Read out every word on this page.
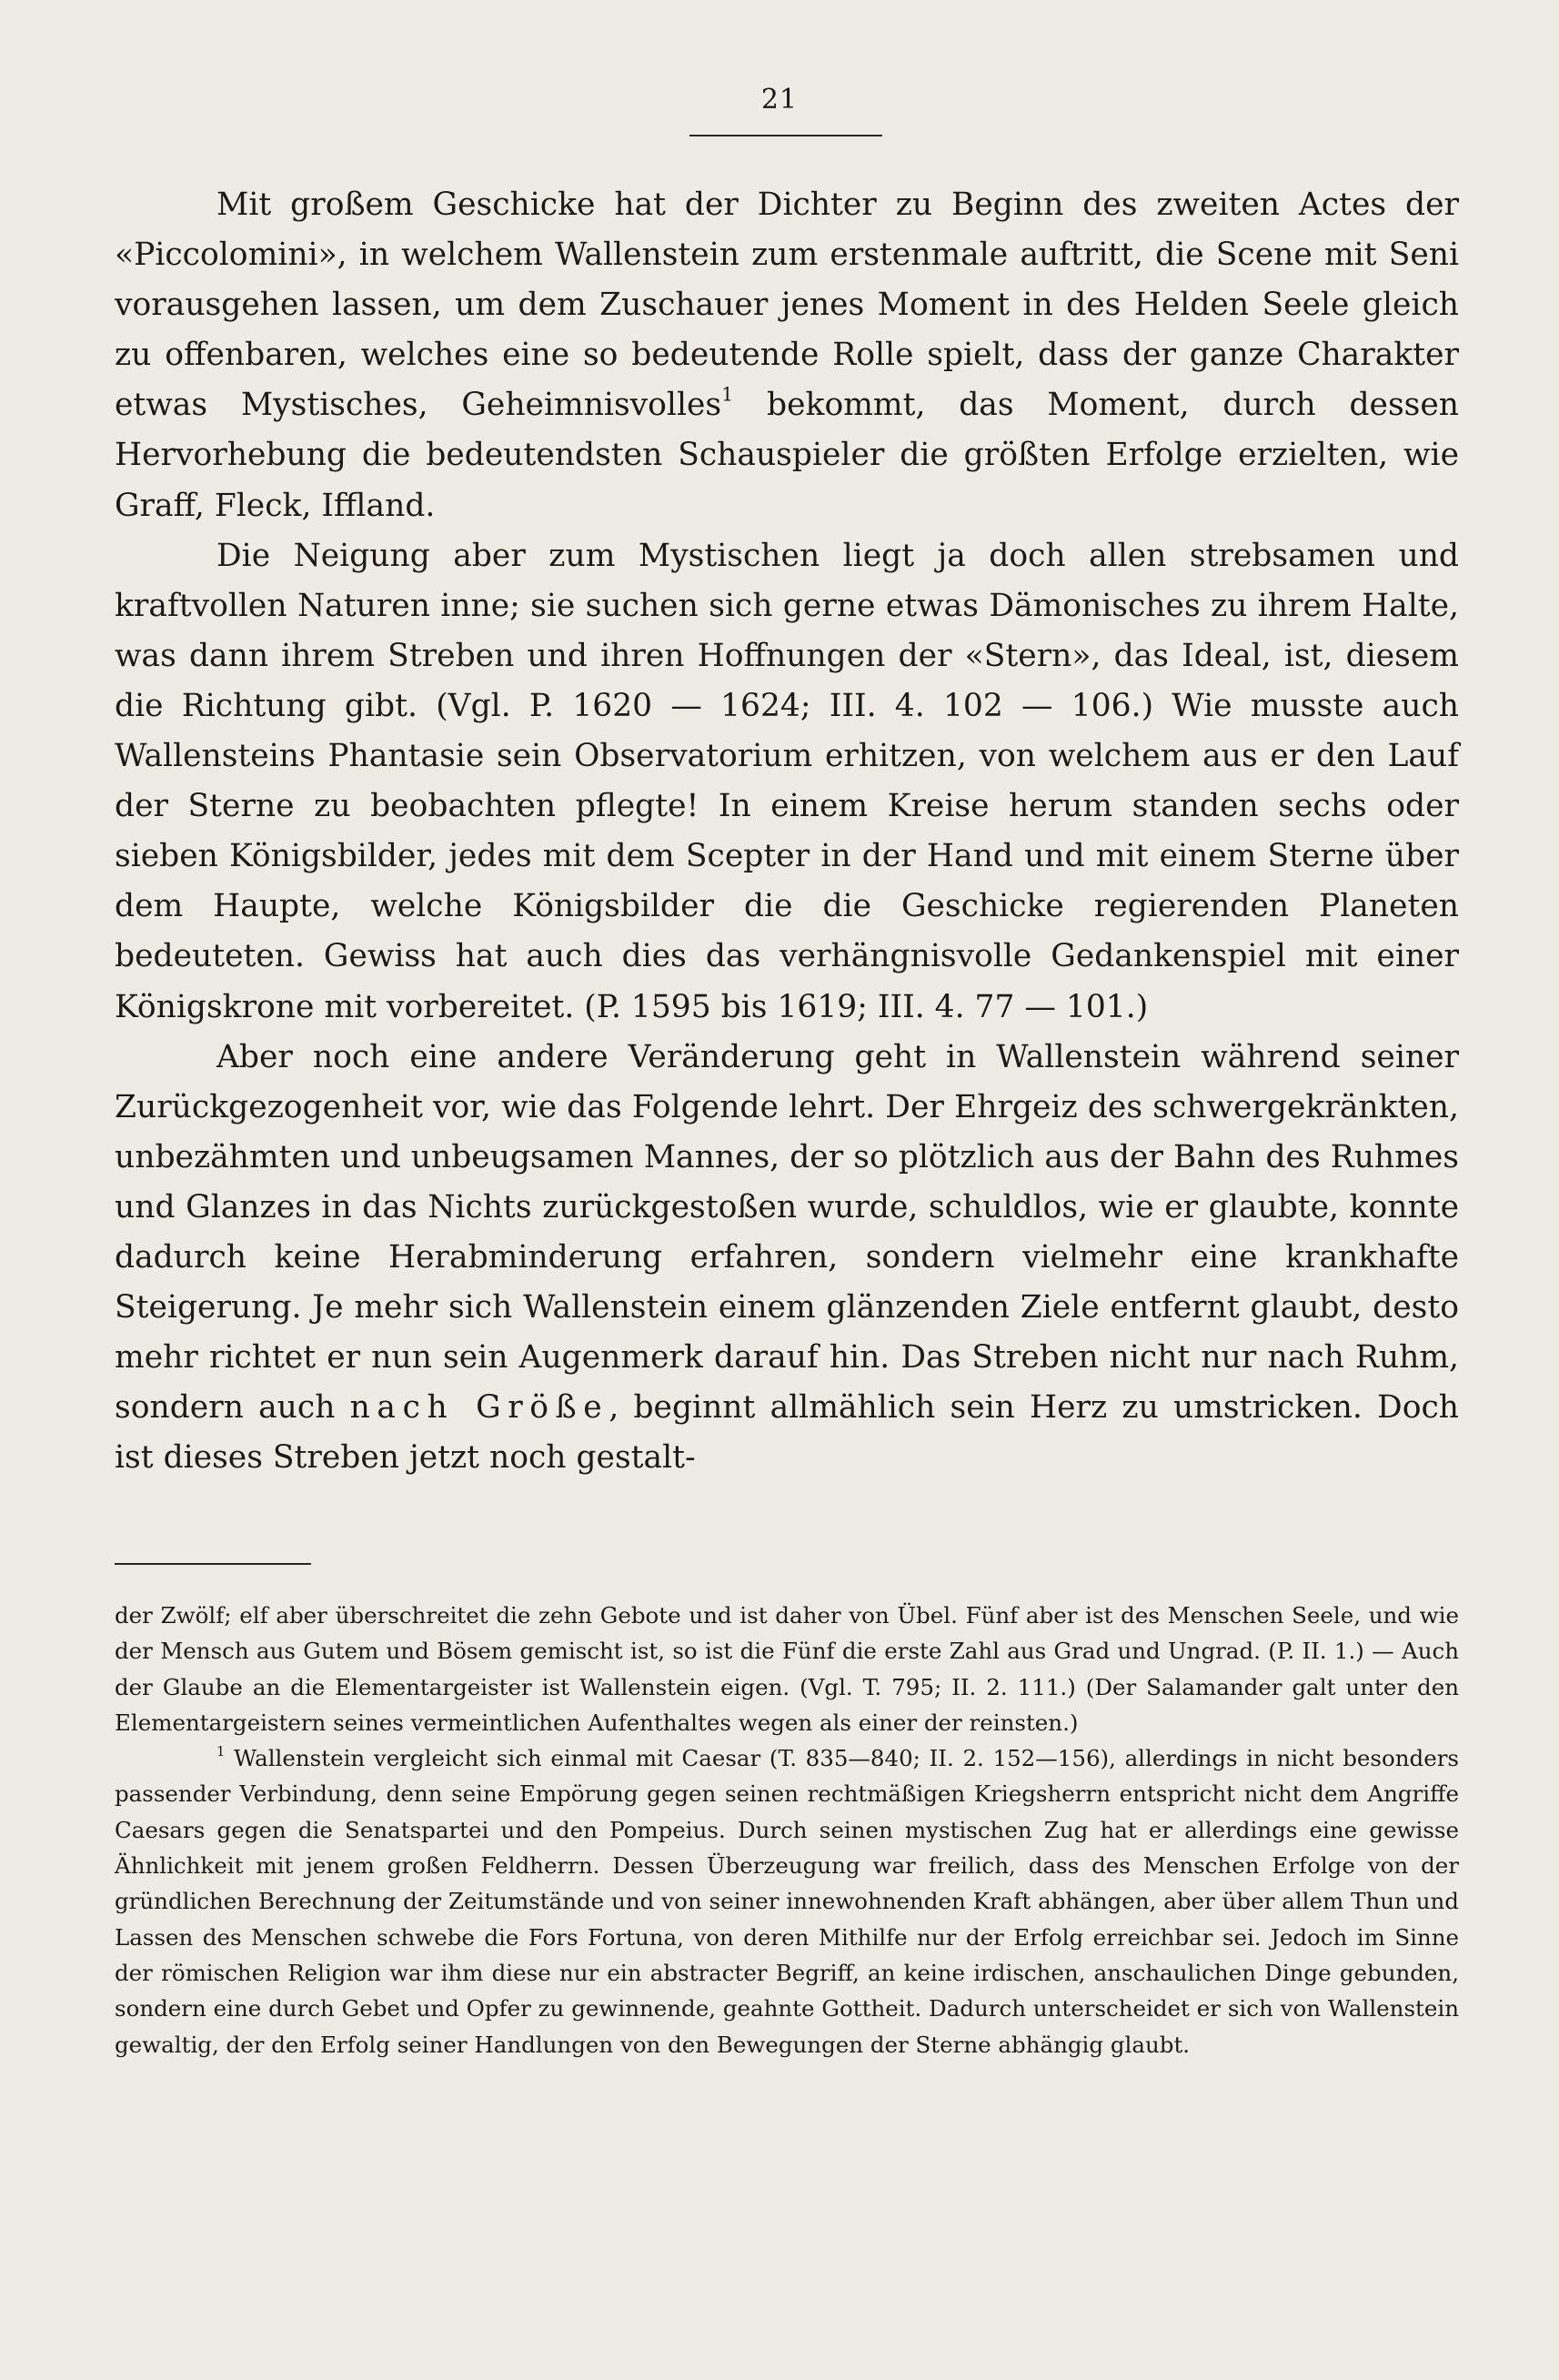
21

Mit großem Geschicke hat der Dichter zu Beginn des zweiten Actes der «Piccolomini», in welchem Wallenstein zum erstenmale auftritt, die Scene mit Seni vorausgehen lassen, um dem Zuschauer jenes Moment in des Helden Seele gleich zu offenbaren, welches eine so bedeutende Rolle spielt, dass der ganze Charakter etwas Mystisches, Geheimnisvolles$^1$ bekommt, das Moment, durch dessen Hervorhebung die bedeutendsten Schauspieler die größten Erfolge erzielten, wie Graff, Fleck, Iffland.

Die Neigung aber zum Mystischen liegt ja doch allen strebsamen und kraftvollen Naturen inne; sie suchen sich gerne etwas Dämonisches zu ihrem Halte, was dann ihrem Streben und ihren Hoffnungen der «Stern», das Ideal, ist, diesem die Richtung gibt. (Vgl. P. 1620 — 1624; III. 4. 102 — 106.) Wie musste auch Wallensteins Phantasie sein Observatorium erhitzen, von welchem aus er den Lauf der Sterne zu beobachten pflegte! In einem Kreise herum standen sechs oder sieben Königsbilder, jedes mit dem Scepter in der Hand und mit einem Sterne über dem Haupte, welche Königsbilder die die Geschicke regierenden Planeten bedeuteten. Gewiss hat auch dies das verhängnisvolle Gedankenspiel mit einer Königskrone mit vorbereitet. (P. 1595 bis 1619; III. 4. 77 — 101.)

Aber noch eine andere Veränderung geht in Wallenstein während seiner Zurückgezogenheit vor, wie das Folgende lehrt. Der Ehrgeiz des schwergekränkten, unbezähmten und unbeugsamen Mannes, der so plötzlich aus der Bahn des Ruhmes und Glanzes in das Nichts zurückgestoßen wurde, schuldlos, wie er glaubte, konnte dadurch keine Herabminderung erfahren, sondern vielmehr eine krankhafte Steigerung. Je mehr sich Wallenstein einem glänzenden Ziele entfernt glaubt, desto mehr richtet er nun sein Augenmerk darauf hin. Das Streben nicht nur nach Ruhm, sondern auch nach Größe, beginnt allmählich sein Herz zu umstricken. Doch ist dieses Streben jetzt noch gestalt-

der Zwölf; elf aber überschreitet die zehn Gebote und ist daher von Übel. Fünf aber ist des Menschen Seele, und wie der Mensch aus Gutem und Bösem gemischt ist, so ist die Fünf die erste Zahl aus Grad und Ungrad. (P. II. 1.) — Auch der Glaube an die Elementargeister ist Wallenstein eigen. (Vgl. T. 795; II. 2. 111.) (Der Salamander galt unter den Elementargeistern seines vermeintlichen Aufenthaltes wegen als einer der reinsten.)

$^1$ Wallenstein vergleicht sich einmal mit Caesar (T. 835—840; II. 2. 152—156), allerdings in nicht besonders passender Verbindung, denn seine Empörung gegen seinen rechtmäßigen Kriegsherrn entspricht nicht dem Angriffe Caesars gegen die Senatspartei und den Pompeius. Durch seinen mystischen Zug hat er allerdings eine gewisse Ähnlichkeit mit jenem großen Feldherrn. Dessen Überzeugung war freilich, dass des Menschen Erfolge von der gründlichen Berechnung der Zeitumstände und von seiner innewohnenden Kraft abhängen, aber über allem Thun und Lassen des Menschen schwebe die Fors Fortuna, von deren Mithilfe nur der Erfolg erreichbar sei. Jedoch im Sinne der römischen Religion war ihm diese nur ein abstracter Begriff, an keine irdischen, anschaulichen Dinge gebunden, sondern eine durch Gebet und Opfer zu gewinnende, geahnte Gottheit. Dadurch unterscheidet er sich von Wallenstein gewaltig, der den Erfolg seiner Handlungen von den Bewegungen der Sterne abhängig glaubt.
